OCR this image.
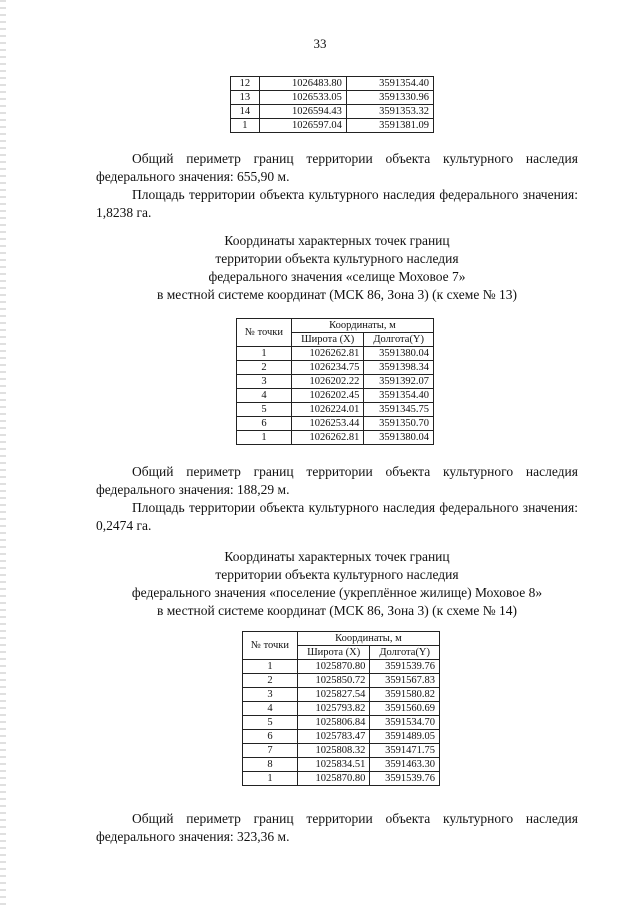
33
12	1026483.80	3591354.40
13	1026533.05	3591330.96
14	1026594.43	3591353.32
1	1026597.04	3591381.09

Общий периметр границ территории объекта культурного наследия федерального значения: 655,90 м.

Площадь территории объекта культурного наследия федерального значения: 1,8238 га.

Координаты характерных точек границ
территории объекта культурного наследия
федерального значения «селище Моховое 7»
в местной системе координат (МСК 86, Зона 3) (к схеме № 13)
№ точки	Координаты, м	
	Широта (X)	Долгота(Y)
1	1026262.81	3591380.04
2	1026234.75	3591398.34
3	1026202.22	3591392.07
4	1026202.45	3591354.40
5	1026224.01	3591345.75
6	1026253.44	3591350.70
1	1026262.81	3591380.04

Общий периметр границ территории объекта культурного наследия федерального значения: 188,29 м.

Площадь территории объекта культурного наследия федерального значения: 0,2474 га.

Координаты характерных точек границ
территории объекта культурного наследия
федерального значения «поселение (укреплённое жилище) Моховое 8»
в местной системе координат (МСК 86, Зона 3) (к схеме № 14)
№ точки	Координаты, м	
	Широта (X)	Долгота(Y)
1	1025870.80	3591539.76
2	1025850.72	3591567.83
3	1025827.54	3591580.82
4	1025793.82	3591560.69
5	1025806.84	3591534.70
6	1025783.47	3591489.05
7	1025808.32	3591471.75
8	1025834.51	3591463.30
1	1025870.80	3591539.76

Общий периметр границ территории объекта культурного наследия федерального значения: 323,36 м.
